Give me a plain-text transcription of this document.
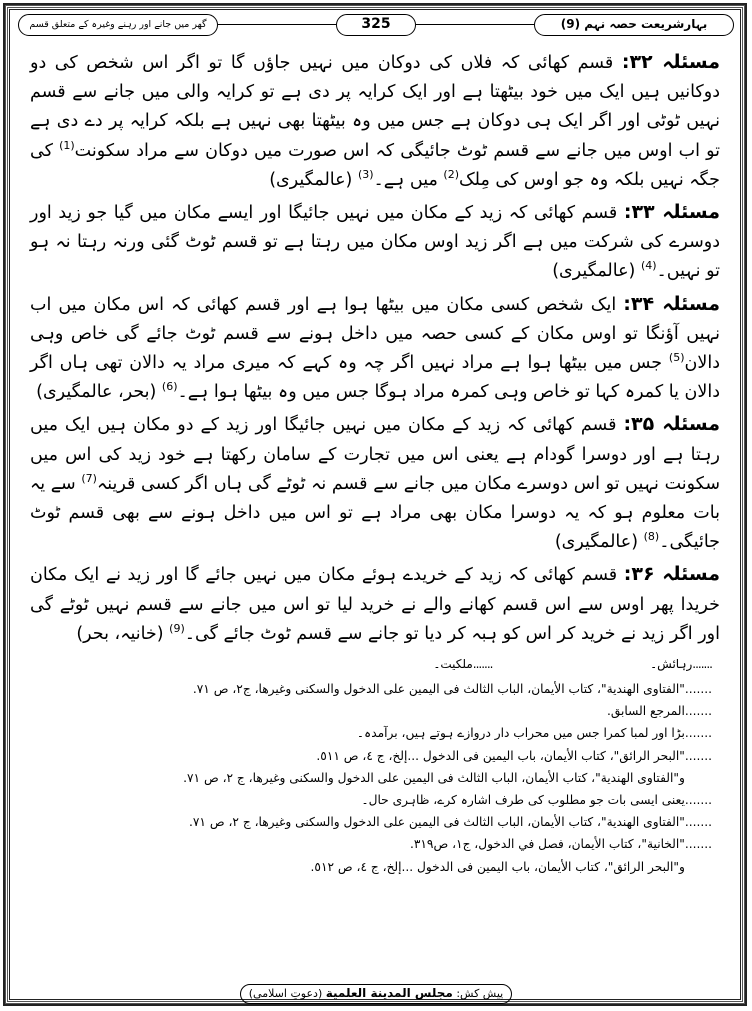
بہارشریعت حصہ نہم (9)
325
گھر میں جانے اور رہنے وغیرہ کے متعلق قسم

مسئلہ ۳۲: قسم کھائی کہ فلاں کی دوکان میں نہیں جاؤں گا تو اگر اس شخص کی دو دوکانیں ہیں ایک میں خود بیٹھتا ہے اور ایک کرایہ پر دی ہے تو کرایہ والی میں جانے سے قسم نہیں ٹوٹی اور اگر ایک ہی دوکان ہے جس میں وہ بیٹھتا بھی نہیں ہے بلکہ کرایہ پر دے دی ہے تو اب اوس میں جانے سے قسم ٹوٹ جائیگی کہ اس صورت میں دوکان سے مراد سکونت$^{(1)}$ کی جگہ نہیں بلکہ وہ جو اوس کی مِلک$^{(2)}$ میں ہے۔$^{(3)}$ (عالمگیری)

مسئلہ ۳۳: قسم کھائی کہ زید کے مکان میں نہیں جائیگا اور ایسے مکان میں گیا جو زید اور دوسرے کی شرکت میں ہے اگر زید اوس مکان میں رہتا ہے تو قسم ٹوٹ گئی ورنہ رہتا نہ ہو تو نہیں۔$^{(4)}$ (عالمگیری)

مسئلہ ۳۴: ایک شخص کسی مکان میں بیٹھا ہوا ہے اور قسم کھائی کہ اس مکان میں اب نہیں آؤنگا تو اوس مکان کے کسی حصہ میں داخل ہونے سے قسم ٹوٹ جائے گی خاص وہی دالان$^{(5)}$ جس میں بیٹھا ہوا ہے مراد نہیں اگر چہ وہ کہے کہ میری مراد یہ دالان تھی ہاں اگر دالان یا کمرہ کہا تو خاص وہی کمرہ مراد ہوگا جس میں وہ بیٹھا ہوا ہے۔$^{(6)}$ (بحر، عالمگیری)

مسئلہ ۳۵: قسم کھائی کہ زید کے مکان میں نہیں جائیگا اور زید کے دو مکان ہیں ایک میں رہتا ہے اور دوسرا گودام ہے یعنی اس میں تجارت کے سامان رکھتا ہے خود زید کی اس میں سکونت نہیں تو اس دوسرے مکان میں جانے سے قسم نہ ٹوٹے گی ہاں اگر کسی قرینہ$^{(7)}$ سے یہ بات معلوم ہو کہ یہ دوسرا مکان بھی مراد ہے تو اس میں داخل ہونے سے بھی قسم ٹوٹ جائیگی۔$^{(8)}$ (عالمگیری)

مسئلہ ۳۶: قسم کھائی کہ زید کے خریدے ہوئے مکان میں نہیں جائے گا اور زید نے ایک مکان خریدا پھر اوس سے اس قسم کھانے والے نے خرید لیا تو اس میں جانے سے قسم نہیں ٹوٹے گی اور اگر زید نے خرید کر اس کو ہبہ کر دیا تو جانے سے قسم ٹوٹ جائے گی۔$^{(9)}$ (خانیہ، بحر)

.......رہائش۔  .......ملکیت۔
......."الفتاوی الهندية"، كتاب الأيمان، الباب الثالث فی اليمين علی الدخول والسكنی وغيرها، ج۲، ص ۷۱.
.......المرجع السابق.
.......بڑا اور لمبا کمرا جس میں محراب دار دروازے ہوتے ہیں، برآمدہ۔
......."البحر الرائق"، كتاب الأيمان، باب اليمين فی الدخول ...إلخ، ج ٤، ص ٥١١.
و"الفتاوی الهندية"، كتاب الأيمان، الباب الثالث فی اليمين علی الدخول والسكنی وغيرها، ج ۲، ص ۷۱.
.......یعنی ایسی بات جو مطلوب کی طرف اشارہ کرے، ظاہری حال۔
......."الفتاوی الهندية"، كتاب الأيمان، الباب الثالث فی اليمين علی الدخول والسكنی وغيرها، ج ۲، ص ۷۱.
......."الخانية"، كتاب الأيمان، فصل في الدخول، ج۱، ص۳۱۹.
و"البحر الرائق"، كتاب الأيمان، باب اليمين فی الدخول ...إلخ، ج ٤، ص ٥١٢.
پیش کش: مجلس المدينة العلمية (دعوتِ اسلامی)
